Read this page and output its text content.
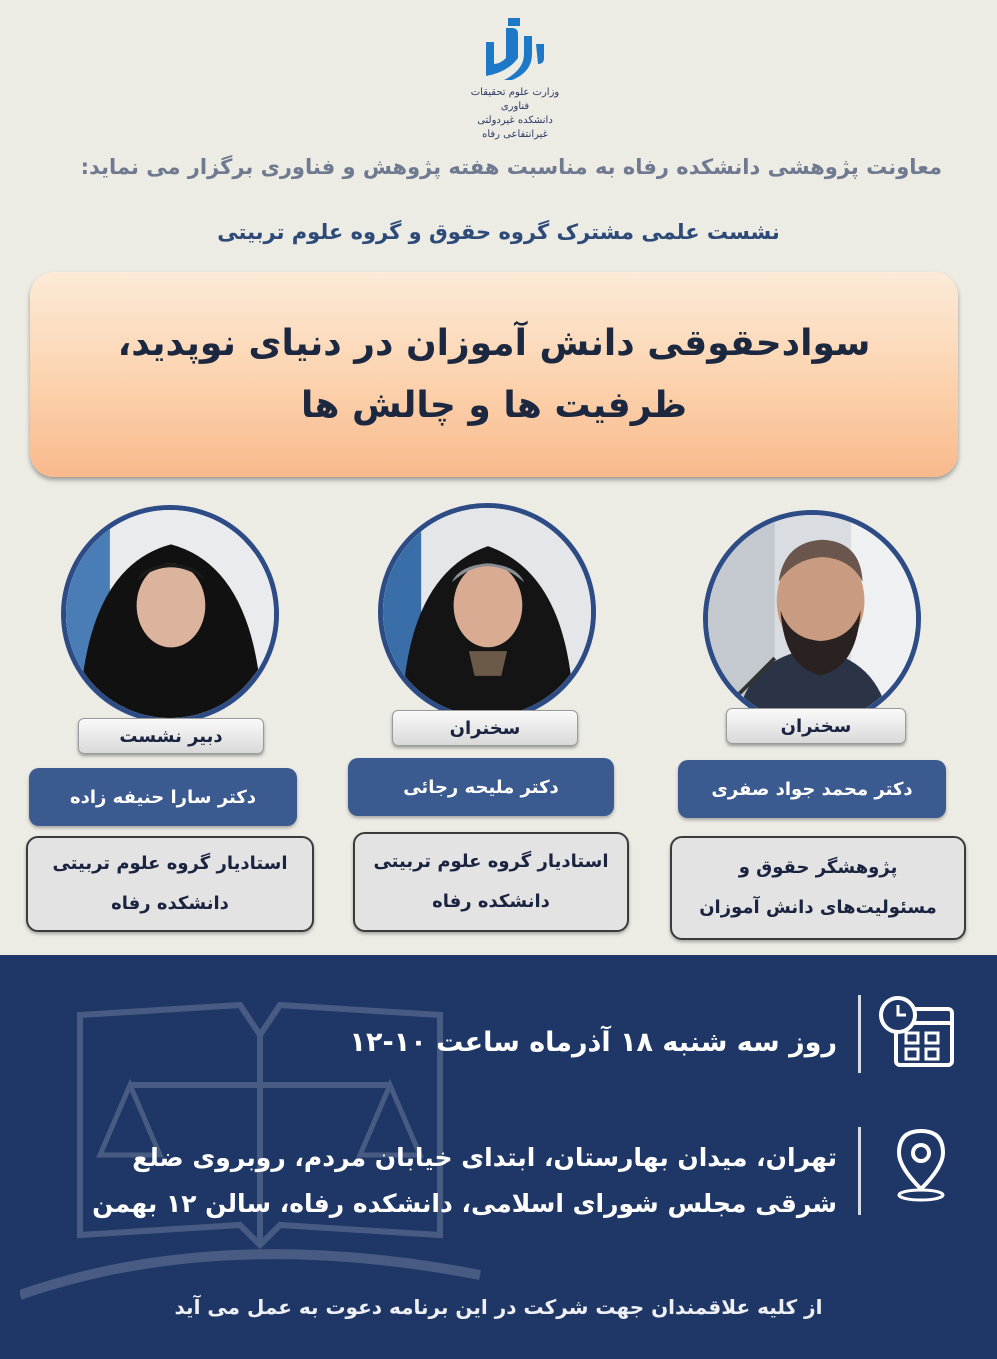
وزارت علوم تحقیقات فناوری
دانشکده غیردولتی غیرانتفاعی رفاه
معاونت پژوهشی دانشکده رفاه به مناسبت هفته پژوهش و فناوری برگزار می نماید:
نشست علمی مشترک گروه حقوق و گروه علوم تربیتی
سوادحقوقی دانش آموزان در دنیای نوپدید،
ظرفیت ها و چالش ها
سخنران
دکتر محمد جواد صفری
پژوهشگر حقوق و
مسئولیت‌های دانش آموزان
سخنران
دکتر ملیحه رجائی
استادیار گروه علوم تربیتی
دانشکده رفاه
دبیر نشست
دکتر سارا حنیفه زاده
استادیار گروه علوم تربیتی
دانشکده رفاه
روز سه شنبه ۱۸ آذرماه ساعت ۱۰-۱۲
تهران، میدان بهارستان، ابتدای خیابان مردم، روبروی ضلع
شرقی مجلس شورای اسلامی، دانشکده رفاه، سالن ۱۲ بهمن
از کلیه علاقمندان جهت شرکت در این برنامه دعوت به عمل می آید
